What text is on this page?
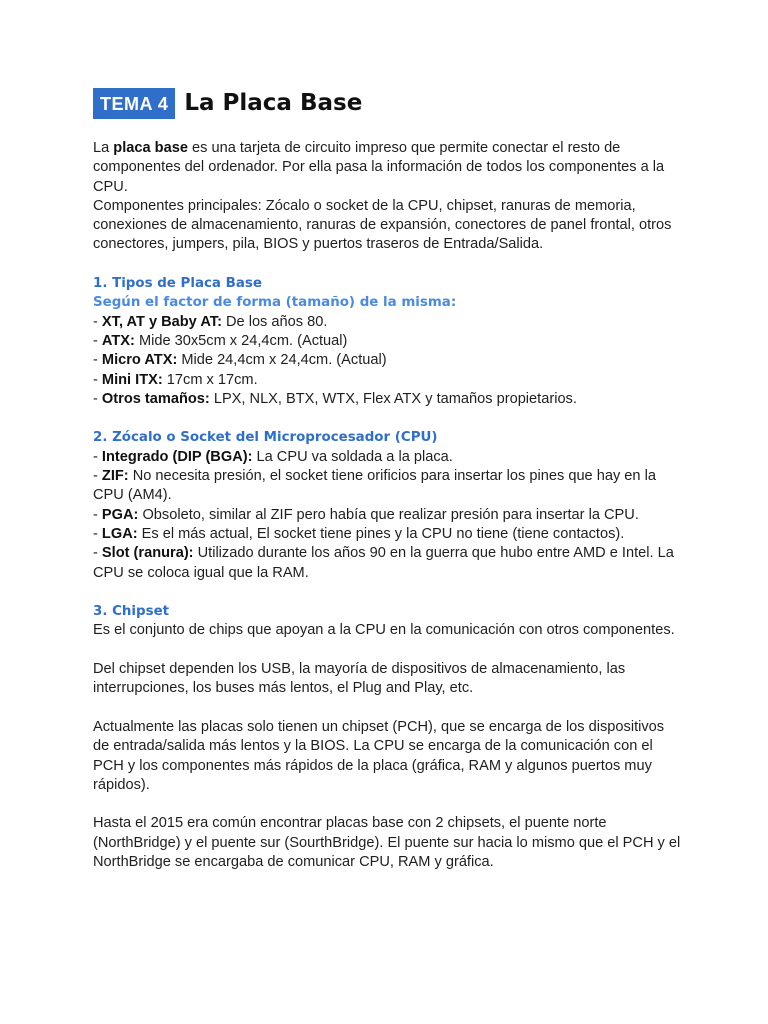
TEMA 4 La Placa Base

La placa base es una tarjeta de circuito impreso que permite conectar el resto de componentes del ordenador. Por ella pasa la información de todos los componentes a la CPU.

Componentes principales: Zócalo o socket de la CPU, chipset, ranuras de memoria, conexiones de almacenamiento, ranuras de expansión, conectores de panel frontal, otros conectores, jumpers, pila, BIOS y puertos traseros de Entrada/Salida.

1. Tipos de Placa Base

Según el factor de forma (tamaño) de la misma:

- XT, AT y Baby AT: De los años 80.

- ATX: Mide 30x5cm x 24,4cm. (Actual)

- Micro ATX: Mide 24,4cm x 24,4cm. (Actual)

- Mini ITX: 17cm x 17cm.

- Otros tamaños: LPX, NLX, BTX, WTX, Flex ATX y tamaños propietarios.

2. Zócalo o Socket del Microprocesador (CPU)

- Integrado (DIP (BGA): La CPU va soldada a la placa.

- ZIF: No necesita presión, el socket tiene orificios para insertar los pines que hay en la CPU (AM4).

- PGA: Obsoleto, similar al ZIF pero había que realizar presión para insertar la CPU.

- LGA: Es el más actual, El socket tiene pines y la CPU no tiene (tiene contactos).

- Slot (ranura): Utilizado durante los años 90 en la guerra que hubo entre AMD e Intel. La CPU se coloca igual que la RAM.

3. Chipset

Es el conjunto de chips que apoyan a la CPU en la comunicación con otros componentes.

Del chipset dependen los USB, la mayoría de dispositivos de almacenamiento, las interrupciones, los buses más lentos, el Plug and Play, etc.

Actualmente las placas solo tienen un chipset (PCH), que se encarga de los dispositivos de entrada/salida más lentos y la BIOS. La CPU se encarga de la comunicación con el PCH y los componentes más rápidos de la placa (gráfica, RAM y algunos puertos muy rápidos).

Hasta el 2015 era común encontrar placas base con 2 chipsets, el puente norte (NorthBridge) y el puente sur (SourthBridge). El puente sur hacia lo mismo que el PCH y el NorthBridge se encargaba de comunicar CPU, RAM y gráfica.
